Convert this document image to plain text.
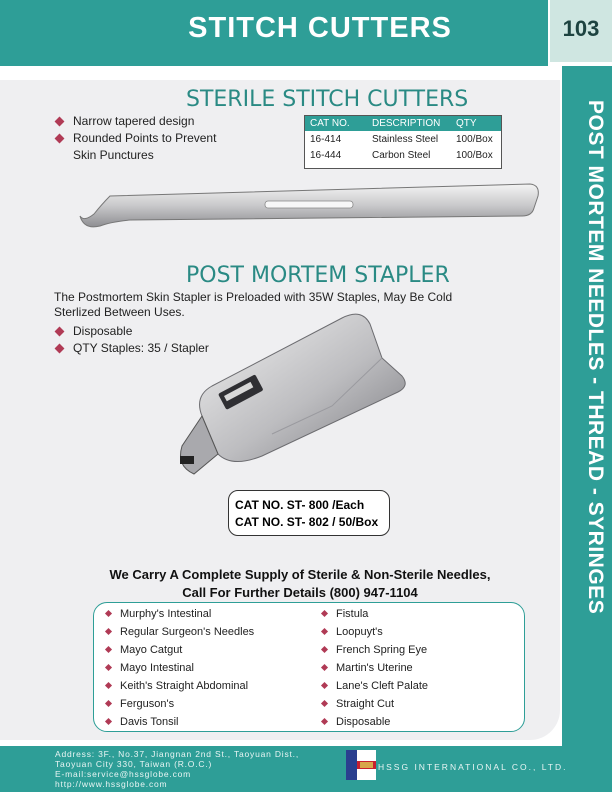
STITCH CUTTERS	103
POST MORTEM NEEDLES - THREAD - SYRINGES
STERILE STITCH CUTTERS
Narrow tapered design
Rounded Points to Prevent
Skin Punctures
CAT NO.	DESCRIPTION	QTY
16-414	Stainless Steel	100/Box
16-444	Carbon Steel	100/Box
POST MORTEM STAPLER
The Postmortem Skin Stapler is Preloaded with 35W Staples, May Be Cold Sterlized Between Uses.
Disposable
QTY Staples: 35 / Stapler
CAT NO. ST- 800 /Each
CAT NO. ST- 802 / 50/Box
We Carry A Complete Supply of Sterile & Non-Sterile Needles,
Call For Further Details (800) 947-1104
Murphy's Intestinal
Regular Surgeon's Needles
Mayo Catgut
Mayo Intestinal
Keith's Straight Abdominal
Ferguson's
Davis Tonsil
Fistula
Loopuyt's
French Spring Eye
Martin's Uterine
Lane's Cleft Palate
Straight Cut
Disposable
Address: 3F., No.37, Jiangnan 2nd St., Taoyuan Dist.,
Taoyuan City 330, Taiwan (R.O.C.)
E-mail:service@hssglobe.com
http://www.hssglobe.com
HSSG INTERNATIONAL CO., LTD.
